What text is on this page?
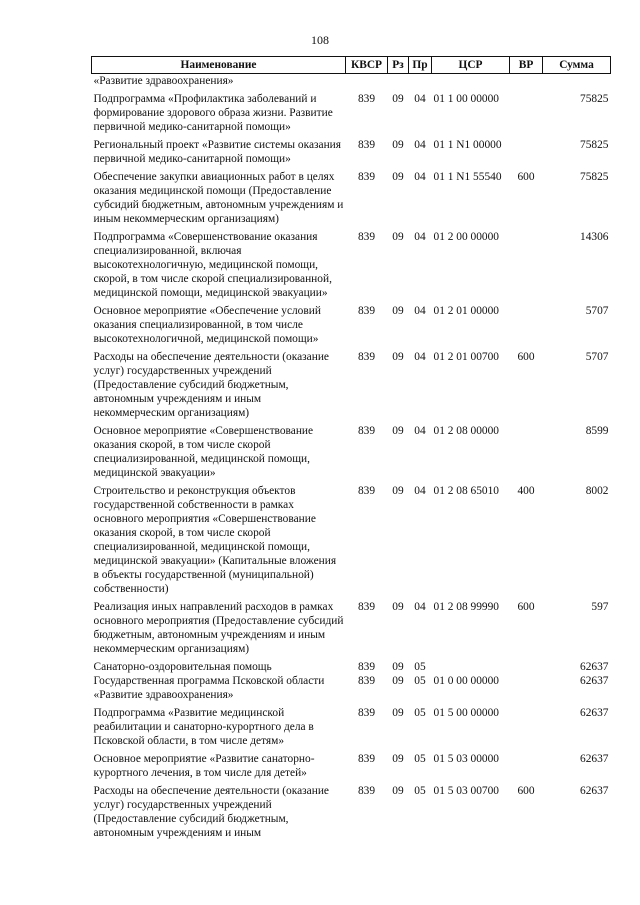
108
Наименование	КВСР	Рз	Пр	ЦСР	ВР	Сумма
«Развитие здравоохранения»						
Подпрограмма «Профилактика заболеваний и формирование здорового образа жизни. Развитие первичной медико-санитарной помощи»	839	09	04	01 1 00 00000		75825
Региональный проект «Развитие системы оказания первичной медико-санитарной помощи»	839	09	04	01 1 N1 00000		75825
Обеспечение закупки авиационных работ в целях оказания медицинской помощи (Предоставление субсидий бюджетным, автономным учреждениям и иным некоммерческим организациям)	839	09	04	01 1 N1 55540	600	75825
Подпрограмма «Совершенствование оказания специализированной, включая высокотехнологичную, медицинской помощи, скорой, в том числе скорой специализированной, медицинской помощи, медицинской эвакуации»	839	09	04	01 2 00 00000		14306
Основное мероприятие «Обеспечение условий оказания специализированной, в том числе высокотехнологичной, медицинской помощи»	839	09	04	01 2 01 00000		5707
Расходы на обеспечение деятельности (оказание услуг) государственных учреждений (Предоставление субсидий бюджетным, автономным учреждениям и иным некоммерческим организациям)	839	09	04	01 2 01 00700	600	5707
Основное мероприятие «Совершенствование оказания скорой, в том числе скорой специализированной, медицинской помощи, медицинской эвакуации»	839	09	04	01 2 08 00000		8599
Строительство и реконструкция объектов государственной собственности в рамках основного мероприятия «Совершенствование оказания скорой, в том числе скорой специализированной, медицинской помощи, медицинской эвакуации» (Капитальные вложения в объекты государственной (муниципальной) собственности)	839	09	04	01 2 08 65010	400	8002
Реализация иных направлений расходов в рамках основного мероприятия (Предоставление субсидий бюджетным, автономным учреждениям и иным некоммерческим организациям)	839	09	04	01 2 08 99990	600	597
Санаторно-оздоровительная помощь	839	09	05			62637
Государственная программа Псковской области «Развитие здравоохранения»	839	09	05	01 0 00 00000		62637
Подпрограмма «Развитие медицинской реабилитации и санаторно-курортного дела в Псковской области, в том числе детям»	839	09	05	01 5 00 00000		62637
Основное мероприятие «Развитие санаторно-курортного лечения, в том числе для детей»	839	09	05	01 5 03 00000		62637
Расходы на обеспечение деятельности (оказание услуг) государственных учреждений (Предоставление субсидий бюджетным, автономным учреждениям и иным	839	09	05	01 5 03 00700	600	62637
